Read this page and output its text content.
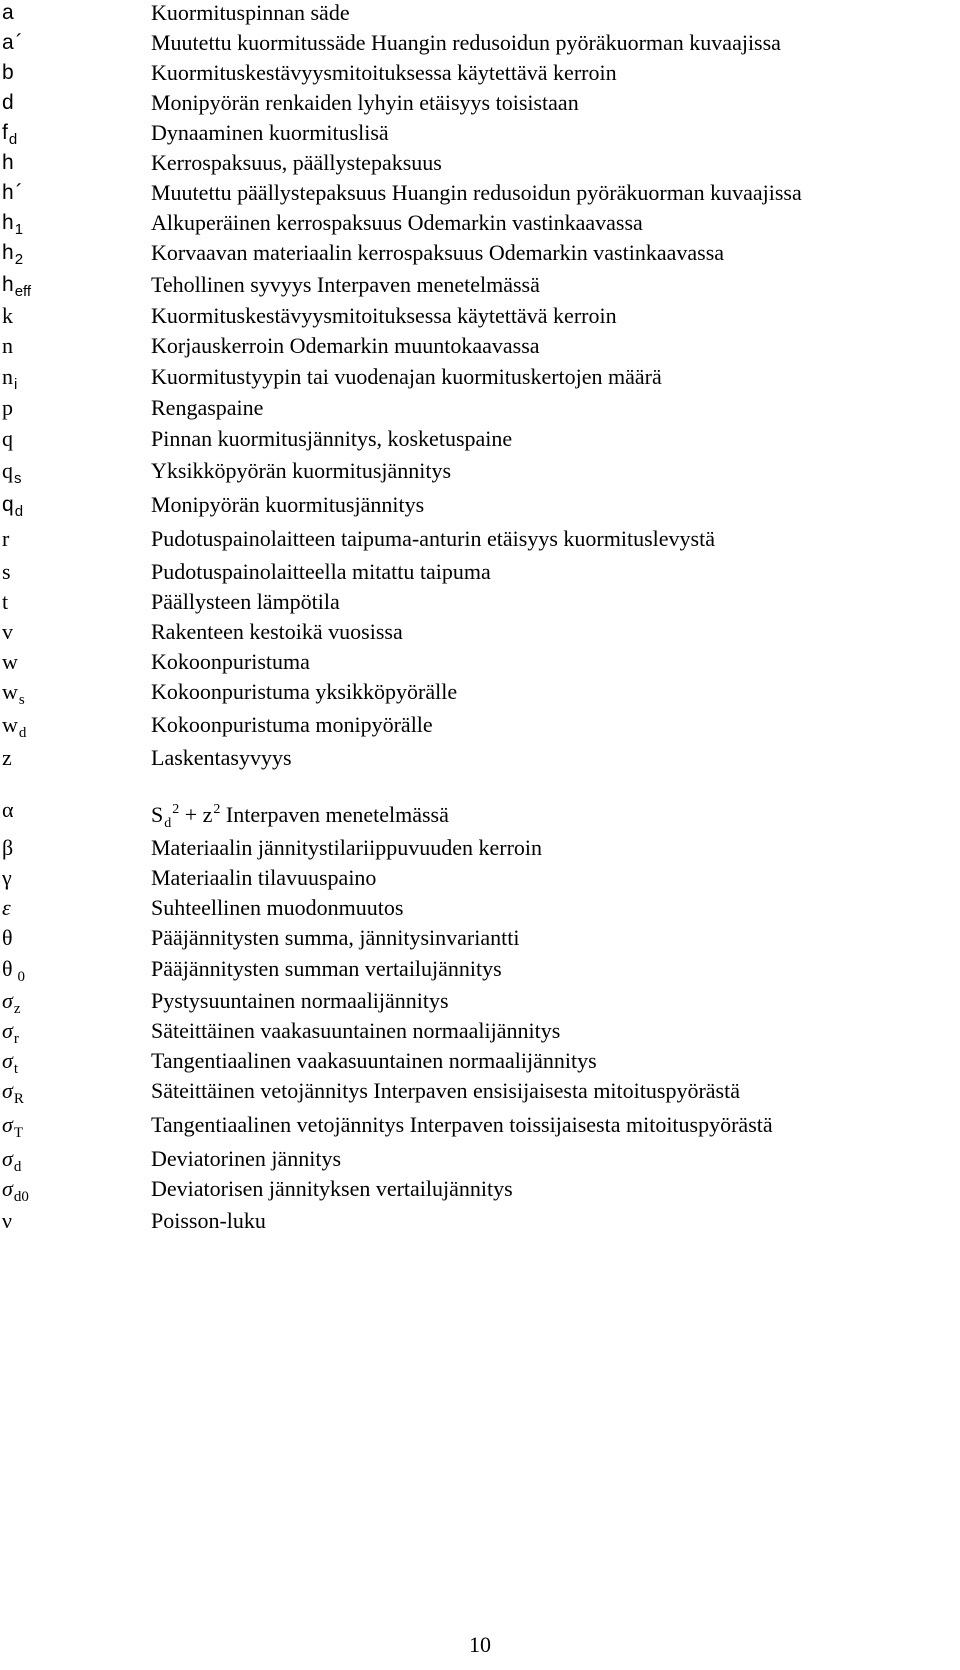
a	Kuormituspinnan säde
a´	Muutettu kuormitussäde Huangin redusoidun pyöräkuorman kuvaajissa
b	Kuormituskestävyysmitoituksessa käytettävä kerroin
d	Monipyörän renkaiden lyhyin etäisyys toisistaan
$f_d$	Dynaaminen kuormituslisä
h	Kerrospaksuus, päällystepaksuus
h´	Muutettu päällystepaksuus Huangin redusoidun pyöräkuorman kuvaajissa
$h_1$	Alkuperäinen kerrospaksuus Odemarkin vastinkaavassa
$h_2$	Korvaavan materiaalin kerrospaksuus Odemarkin vastinkaavassa
$h_{eff}$	Tehollinen syvyys Interpaven menetelmässä
k	Kuormituskestävyysmitoituksessa käytettävä kerroin
n	Korjauskerroin Odemarkin muuntokaavassa
$n_i$	Kuormitustyypin tai vuodenajan kuormituskertojen määrä
p	Rengaspaine
q	Pinnan kuormitusjännitys, kosketuspaine
$q_s$	Yksikköpyörän kuormitusjännitys
$q_d$	Monipyörän kuormitusjännitys
r	Pudotuspainolaitteen taipuma-anturin etäisyys kuormituslevystä
s	Pudotuspainolaitteella mitattu taipuma
t	Päällysteen lämpötila
v	Rakenteen kestoikä vuosissa
w	Kokoonpuristuma
$w_s$	Kokoonpuristuma yksikköpyörälle
$w_d$	Kokoonpuristuma monipyörälle
z	Laskentasyvyys
α	$S_d^2 + z^2$ Interpaven menetelmässä
β	Materiaalin jännitystilariippuvuuden kerroin
γ	Materiaalin tilavuuspaino
ε	Suhteellinen muodonmuutos
θ	Pääjännitysten summa, jännitysinvariantti
θ $_0$	Pääjännitysten summan vertailujännitys
$\sigma_z$	Pystysuuntainen normaalijännitys
$\sigma_r$	Säteittäinen vaakasuuntainen normaalijännitys
$\sigma_t$	Tangentiaalinen vaakasuuntainen normaalijännitys
$\sigma_R$	Säteittäinen vetojännitys Interpaven ensisijaisesta mitoituspyörästä
$\sigma_T$	Tangentiaalinen vetojännitys Interpaven toissijaisesta mitoituspyörästä
$\sigma_d$	Deviatorinen jännitys
$\sigma_{d0}$	Deviatorisen jännityksen vertailujännitys
ν	Poisson-luku
10
